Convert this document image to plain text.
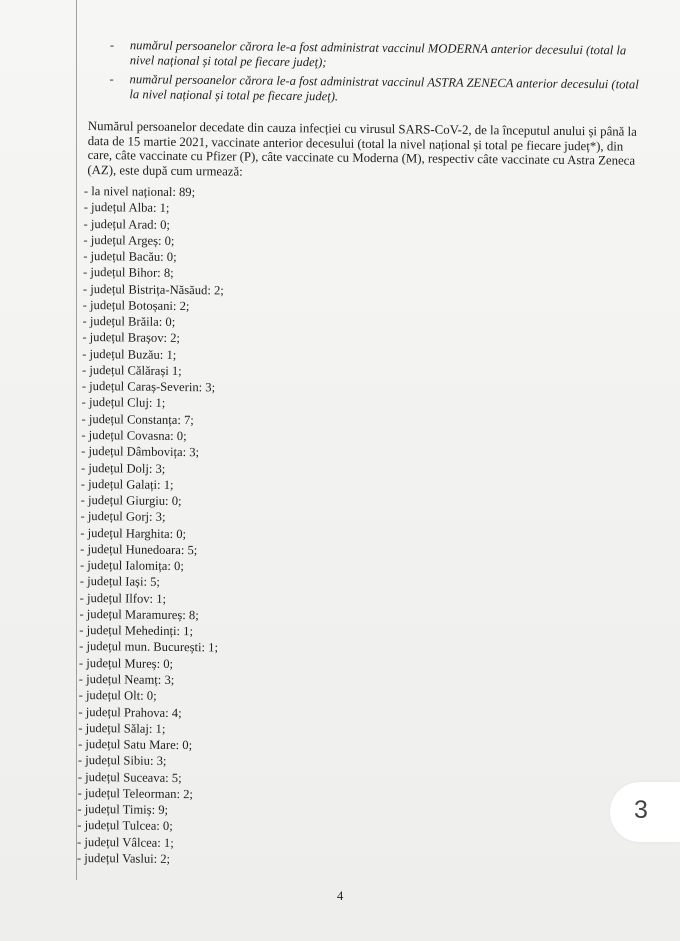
- numărul persoanelor cărora le-a fost administrat vaccinul MODERNA anterior decesului (total la nivel național și total pe fiecare județ);
- numărul persoanelor cărora le-a fost administrat vaccinul ASTRA ZENECA anterior decesului (total la nivel național și total pe fiecare județ).
Numărul persoanelor decedate din cauza infecției cu virusul SARS-CoV-2, de la începutul anului și până la data de 15 martie 2021, vaccinate anterior decesului (total la nivel național și total pe fiecare județ*), din care, câte vaccinate cu Pfizer (P), câte vaccinate cu Moderna (M), respectiv câte vaccinate cu Astra Zeneca (AZ), este după cum urmează:
- la nivel național: 89;
- județul Alba: 1;
- județul Arad: 0;
- județul Argeș: 0;
- județul Bacău: 0;
- județul Bihor: 8;
- județul Bistrița-Năsăud: 2;
- județul Botoșani: 2;
- județul Brăila: 0;
- județul Brașov: 2;
- județul Buzău: 1;
- județul Călărași 1;
- județul Caraș-Severin: 3;
- județul Cluj: 1;
- județul Constanța: 7;
- județul Covasna: 0;
- județul Dâmbovița: 3;
- județul Dolj: 3;
- județul Galați: 1;
- județul Giurgiu: 0;
- județul Gorj: 3;
- județul Harghita: 0;
- județul Hunedoara: 5;
- județul Ialomița: 0;
- județul Iași: 5;
- județul Ilfov: 1;
- județul Maramureș: 8;
- județul Mehedinți: 1;
- județul mun. București: 1;
- județul Mureș: 0;
- județul Neamț: 3;
- județul Olt: 0;
- județul Prahova: 4;
- județul Sălaj: 1;
- județul Satu Mare: 0;
- județul Sibiu: 3;
- județul Suceava: 5;
- județul Teleorman: 2;
- județul Timiș: 9;
- județul Tulcea: 0;
- județul Vâlcea: 1;
- județul Vaslui: 2;
4
3
